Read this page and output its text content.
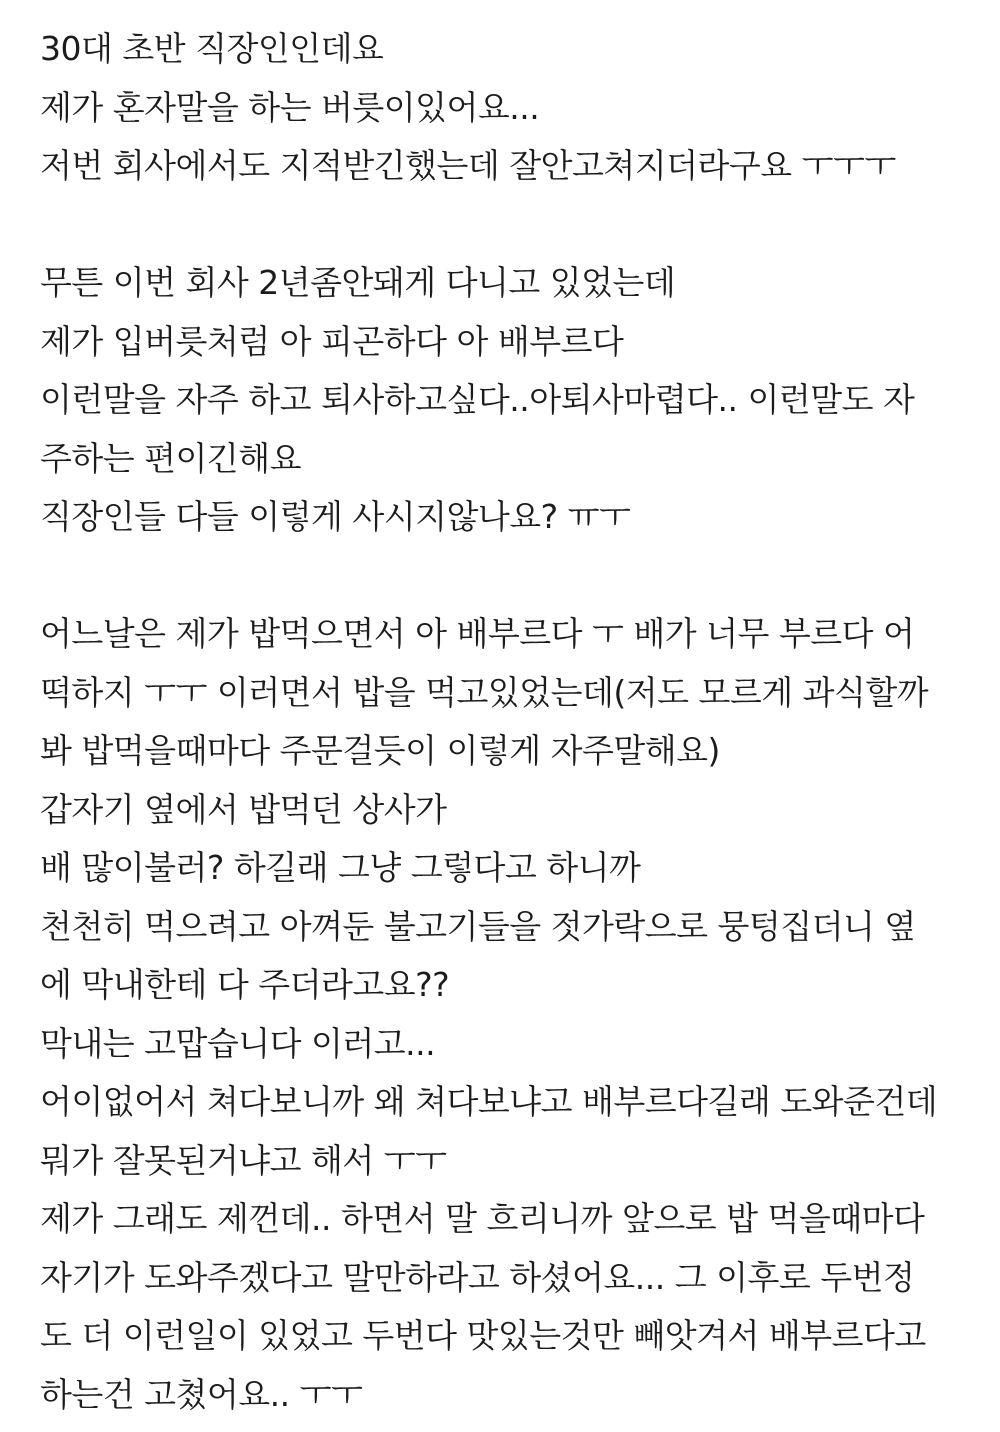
30대 초반 직장인인데요
제가 혼자말을 하는 버릇이있어요...
저번 회사에서도 지적받긴했는데 잘안고쳐지더라구요 ㅜㅜㅜ
무튼 이번 회사 2년좀안돼게 다니고 있었는데
제가 입버릇처럼 아 피곤하다 아 배부르다
이런말을 자주 하고 퇴사하고싶다..아퇴사마렵다.. 이런말도 자
주하는 편이긴해요
직장인들 다들 이렇게 사시지않나요? ㅠㅜ
어느날은 제가 밥먹으면서 아 배부르다 ㅜ 배가 너무 부르다 어
떡하지 ㅜㅜ 이러면서 밥을 먹고있었는데(저도 모르게 과식할까
봐 밥먹을때마다 주문걸듯이 이렇게 자주말해요)
갑자기 옆에서 밥먹던 상사가
배 많이불러? 하길래 그냥 그렇다고 하니까
천천히 먹으려고 아껴둔 불고기들을 젓가락으로 뭉텅집더니 옆
에 막내한테 다 주더라고요??
막내는 고맙습니다 이러고...
어이없어서 쳐다보니까 왜 쳐다보냐고 배부르다길래 도와준건데
뭐가 잘못된거냐고 해서 ㅜㅜ
제가 그래도 제껀데.. 하면서 말 흐리니까 앞으로 밥 먹을때마다
자기가 도와주겠다고 말만하라고 하셨어요... 그 이후로 두번정
도 더 이런일이 있었고 두번다 맛있는것만 빼앗겨서 배부르다고
하는건 고쳤어요.. ㅜㅜ
